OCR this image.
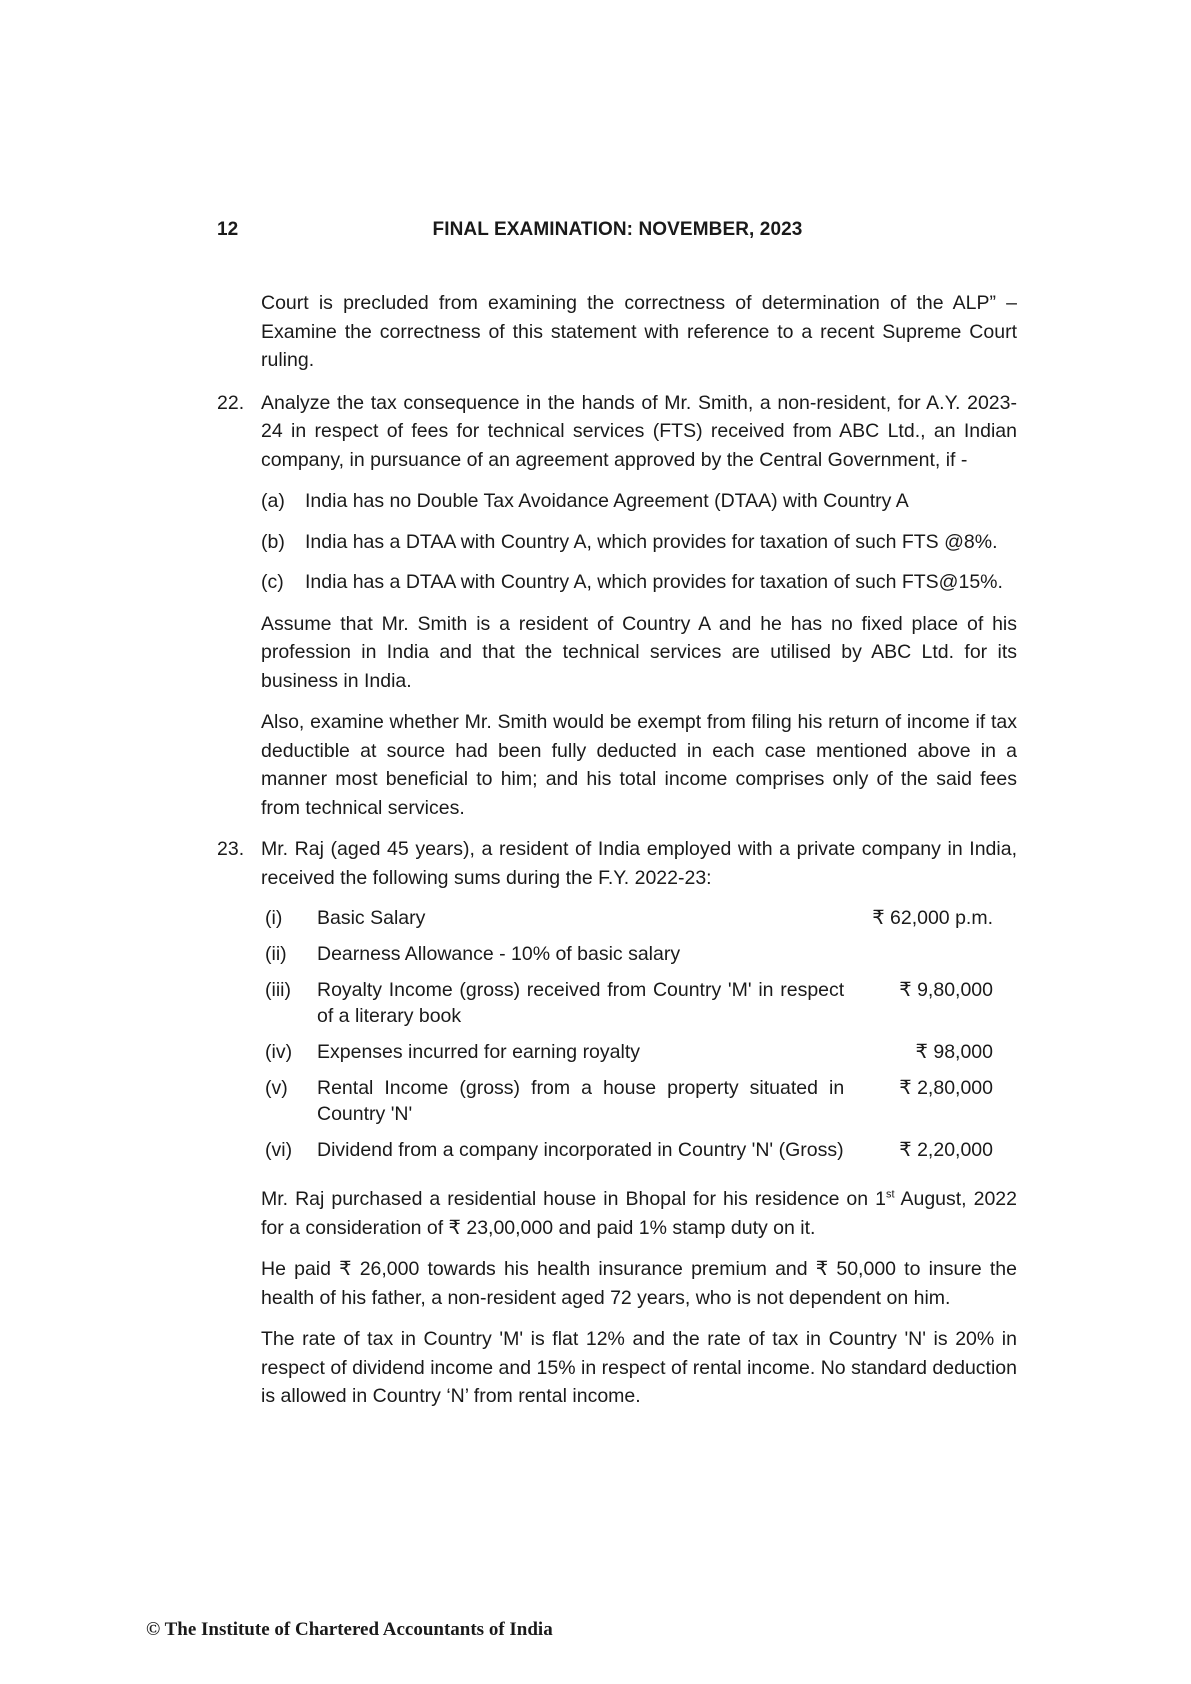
12	FINAL EXAMINATION: NOVEMBER, 2023

Court is precluded from examining the correctness of determination of the ALP” – Examine the correctness of this statement with reference to a recent Supreme Court ruling.

22. Analyze the tax consequence in the hands of Mr. Smith, a non-resident, for A.Y. 2023-24 in respect of fees for technical services (FTS) received from ABC Ltd., an Indian company, in pursuance of an agreement approved by the Central Government, if -

(a)	India has no Double Tax Avoidance Agreement (DTAA) with Country A
(b)	India has a DTAA with Country A, which provides for taxation of such FTS @8%.
(c)	India has a DTAA with Country A, which provides for taxation of such FTS@15%.

Assume that Mr. Smith is a resident of Country A and he has no fixed place of his profession in India and that the technical services are utilised by ABC Ltd. for its business in India.

Also, examine whether Mr. Smith would be exempt from filing his return of income if tax deductible at source had been fully deducted in each case mentioned above in a manner most beneficial to him; and his total income comprises only of the said fees from technical services.

23. Mr. Raj (aged 45 years), a resident of India employed with a private company in India, received the following sums during the F.Y. 2022-23:

(i)	Basic Salary	₹ 62,000 p.m.
(ii)	Dearness Allowance - 10% of basic salary	
(iii)	Royalty Income (gross) received from Country 'M' in respect of a literary book	₹ 9,80,000
(iv)	Expenses incurred for earning royalty	₹ 98,000
(v)	Rental Income (gross) from a house property situated in Country 'N'	₹ 2,80,000
(vi)	Dividend from a company incorporated in Country 'N' (Gross)	₹ 2,20,000

Mr. Raj purchased a residential house in Bhopal for his residence on 1st August, 2022 for a consideration of ₹ 23,00,000 and paid 1% stamp duty on it.

He paid ₹ 26,000 towards his health insurance premium and ₹ 50,000 to insure the health of his father, a non-resident aged 72 years, who is not dependent on him.

The rate of tax in Country 'M' is flat 12% and the rate of tax in Country 'N' is 20% in respect of dividend income and 15% in respect of rental income. No standard deduction is allowed in Country ‘N’ from rental income.

© The Institute of Chartered Accountants of India
